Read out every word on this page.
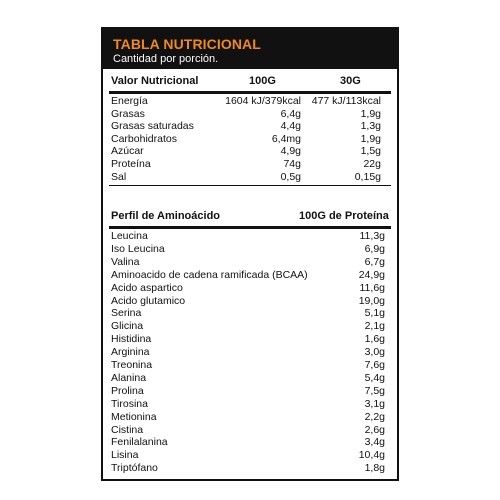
TABLA NUTRICIONAL
Cantidad por porción.
Valor Nutricional	100G	30G
Energía	1604 kJ/379kcal	477 kJ/113kcal
Grasas	6,4g	1,9g
Grasas saturadas	4,4g	1,3g
Carbohidratos	6,4mg	1,9g
Azúcar	4,9g	1,5g
Proteína	74g	22g
Sal	0,5g	0,15g
Perfil de Aminoácido	100G de Proteína
Leucina	11,3g
Iso Leucina	6,9g
Valina	6,7g
Aminoacido de cadena ramificada (BCAA)	24,9g
Acido aspartico	11,6g
Acido glutamico	19,0g
Serina	5,1g
Glicina	2,1g
Histidina	1,6g
Arginina	3,0g
Treonina	7,6g
Alanina	5,4g
Prolina	7,5g
Tirosina	3,1g
Metionina	2,2g
Cistina	2,6g
Fenilalanina	3,4g
Lisina	10,4g
Triptófano	1,8g
